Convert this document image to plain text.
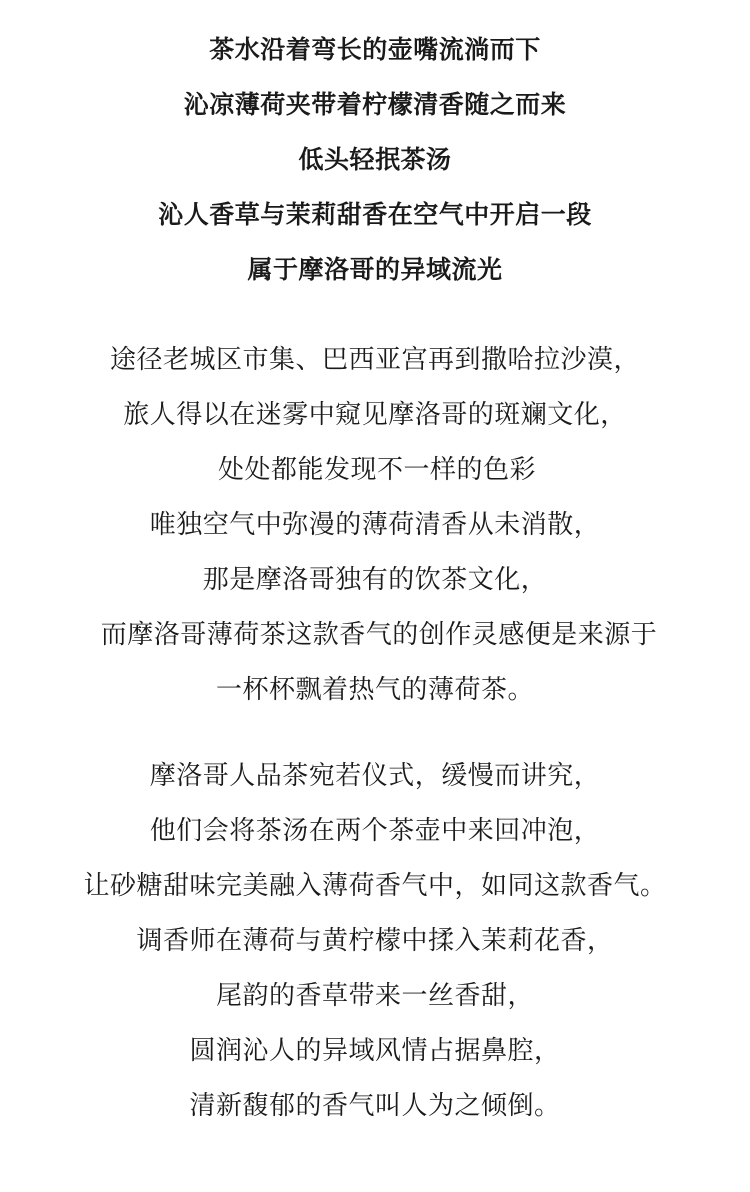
茶水沿着弯长的壶嘴流淌而下
沁凉薄荷夹带着柠檬清香随之而来
低头轻抿茶汤
沁人香草与茉莉甜香在空气中开启一段
属于摩洛哥的异域流光
途径老城区市集、巴西亚宫再到撒哈拉沙漠，
旅人得以在迷雾中窥见摩洛哥的斑斓文化，
处处都能发现不一样的色彩
唯独空气中弥漫的薄荷清香从未消散，
那是摩洛哥独有的饮茶文化，
而摩洛哥薄荷茶这款香气的创作灵感便是来源于
一杯杯飘着热气的薄荷茶。
摩洛哥人品茶宛若仪式，缓慢而讲究，
他们会将茶汤在两个茶壶中来回冲泡，
让砂糖甜味完美融入薄荷香气中，如同这款香气。
调香师在薄荷与黄柠檬中揉入茉莉花香，
尾韵的香草带来一丝香甜，
圆润沁人的异域风情占据鼻腔，
清新馥郁的香气叫人为之倾倒。
